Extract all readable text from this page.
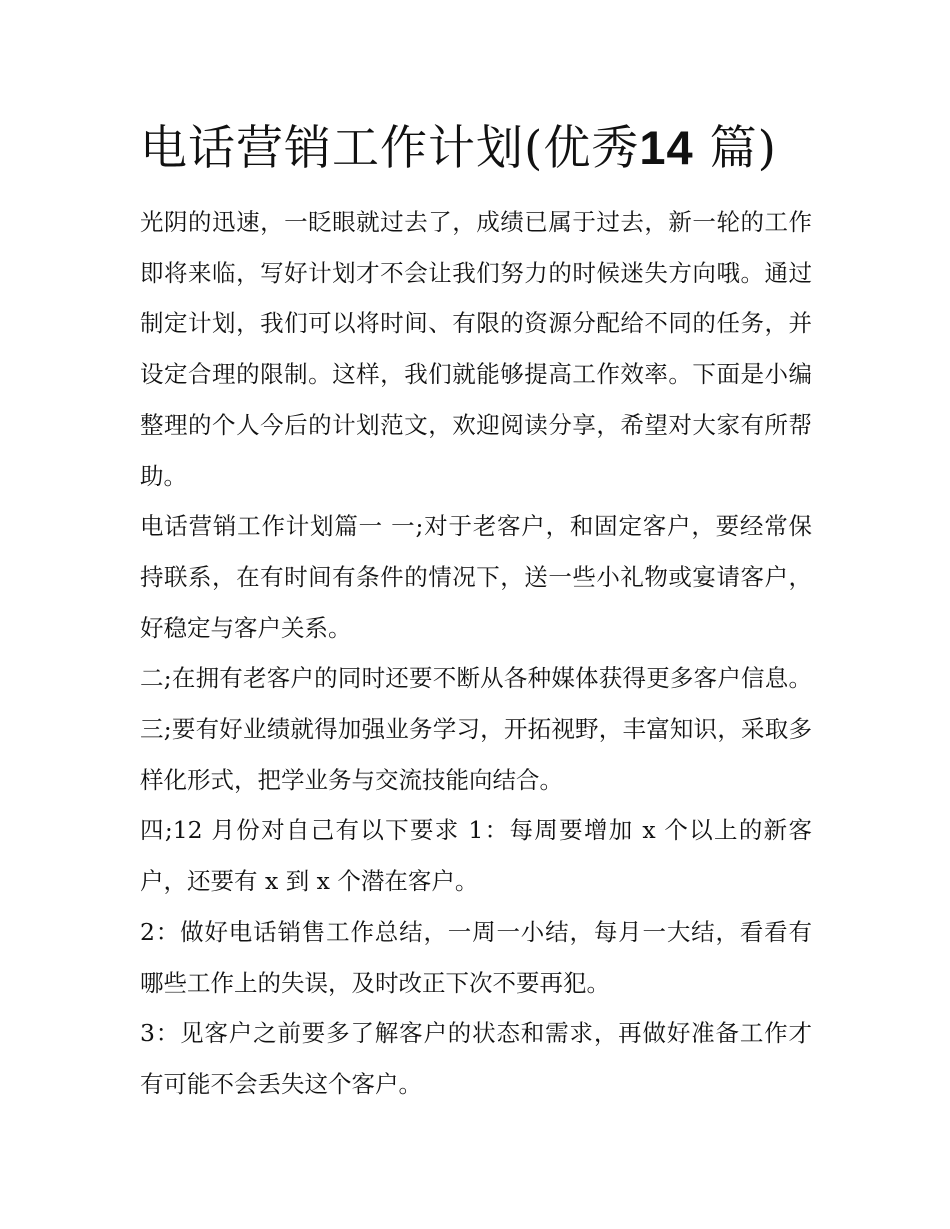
电话营销工作计划(优秀14 篇)

光阴的迅速，一眨眼就过去了，成绩已属于过去，新一轮的工作即将来临，写好计划才不会让我们努力的时候迷失方向哦。通过制定计划，我们可以将时间、有限的资源分配给不同的任务，并设定合理的限制。这样，我们就能够提高工作效率。下面是小编整理的个人今后的计划范文，欢迎阅读分享，希望对大家有所帮助。

电话营销工作计划篇一 一;对于老客户，和固定客户，要经常保持联系，在有时间有条件的情况下，送一些小礼物或宴请客户，好稳定与客户关系。

二;在拥有老客户的同时还要不断从各种媒体获得更多客户信息。 三;要有好业绩就得加强业务学习，开拓视野，丰富知识，采取多样化形式，把学业务与交流技能向结合。

四;12 月份对自己有以下要求 1：每周要增加 x 个以上的新客户，还要有 x 到 x 个潜在客户。

2：做好电话销售工作总结，一周一小结，每月一大结，看看有哪些工作上的失误，及时改正下次不要再犯。

3：见客户之前要多了解客户的状态和需求，再做好准备工作才有可能不会丢失这个客户。
